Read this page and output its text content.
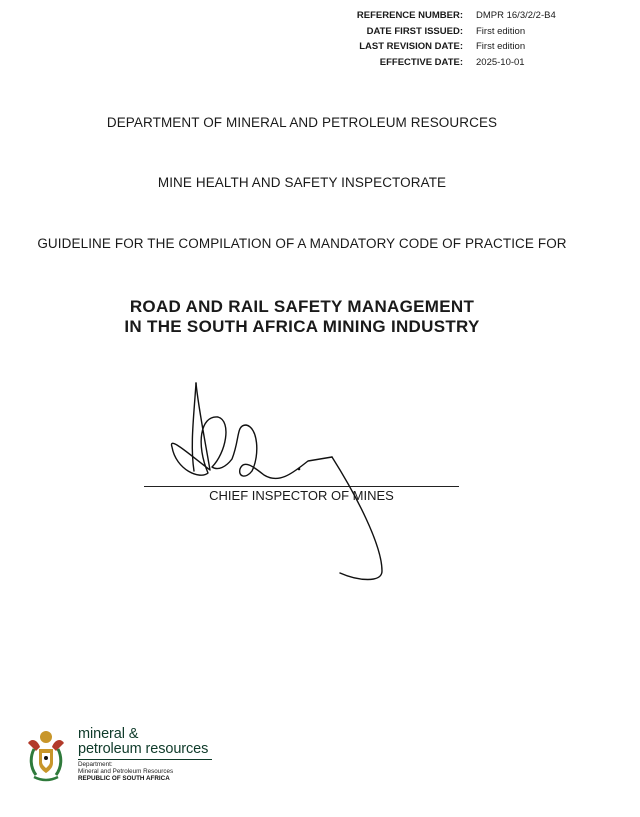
REFERENCE NUMBER:	DMPR 16/3/2/2-B4
DATE FIRST ISSUED:	First edition
LAST REVISION DATE:	First edition
EFFECTIVE DATE:	2025-10-01
DEPARTMENT OF MINERAL AND PETROLEUM RESOURCES
MINE HEALTH AND SAFETY INSPECTORATE
GUIDELINE FOR THE COMPILATION OF A MANDATORY CODE OF PRACTICE FOR
ROAD AND RAIL SAFETY MANAGEMENT
IN THE SOUTH AFRICA MINING INDUSTRY
CHIEF INSPECTOR OF MINES
mineral &
petroleum resources
Department:
Mineral and Petroleum Resources
REPUBLIC OF SOUTH AFRICA
